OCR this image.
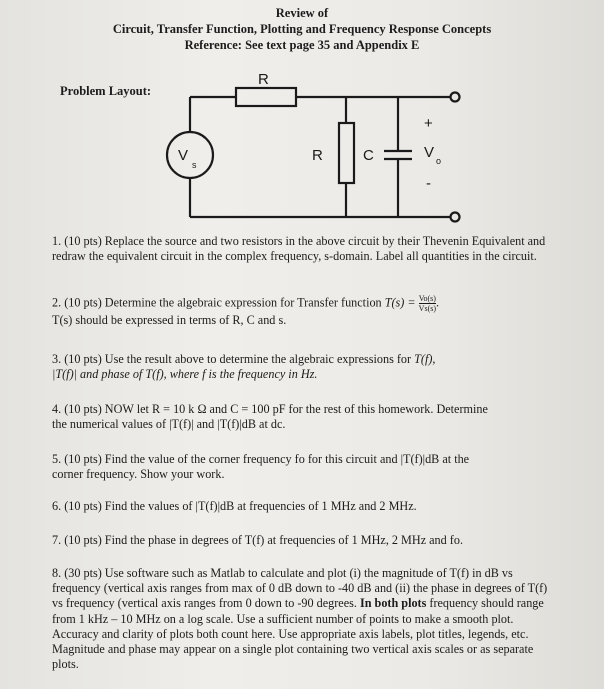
Review of
Circuit, Transfer Function, Plotting and Frequency Response Concepts
Reference: See text page 35 and Appendix E
Problem Layout:
R
V
s
R	C
+
V o
-
1. (10 pts) Replace the source and two resistors in the above circuit by their Thevenin Equivalent and redraw the equivalent circuit in the complex frequency, s-domain. Label all quantities in the circuit.
2. (10 pts) Determine the algebraic expression for Transfer function $T(s) = \frac{Vo(s)}{Vs(s)}$ .
T(s) should be expressed in terms of R, C and s.
3. (10 pts) Use the result above to determine the algebraic expressions for T(f),
|T(f)| and phase of T(f), where f is the frequency in Hz.
4. (10 pts) NOW let R = 10 k Ω and C = 100 pF for the rest of this homework. Determine
the numerical values of |T(f)| and |T(f)|dB at dc.
5. (10 pts) Find the value of the corner frequency fo for this circuit and |T(f)|dB at the
corner frequency. Show your work.
6. (10 pts) Find the values of |T(f)|dB at frequencies of 1 MHz and 2 MHz.
7. (10 pts) Find the phase in degrees of T(f) at frequencies of 1 MHz, 2 MHz and fo.
8. (30 pts) Use software such as Matlab to calculate and plot (i) the magnitude of T(f) in dB vs frequency (vertical axis ranges from max of 0 dB down to -40 dB and (ii) the phase in degrees of T(f) vs frequency (vertical axis ranges from 0 down to -90 degrees. In both plots frequency should range from 1 kHz – 10 MHz on a log scale. Use a sufficient number of points to make a smooth plot. Accuracy and clarity of plots both count here. Use appropriate axis labels, plot titles, legends, etc. Magnitude and phase may appear on a single plot containing two vertical axis scales or as separate plots.
